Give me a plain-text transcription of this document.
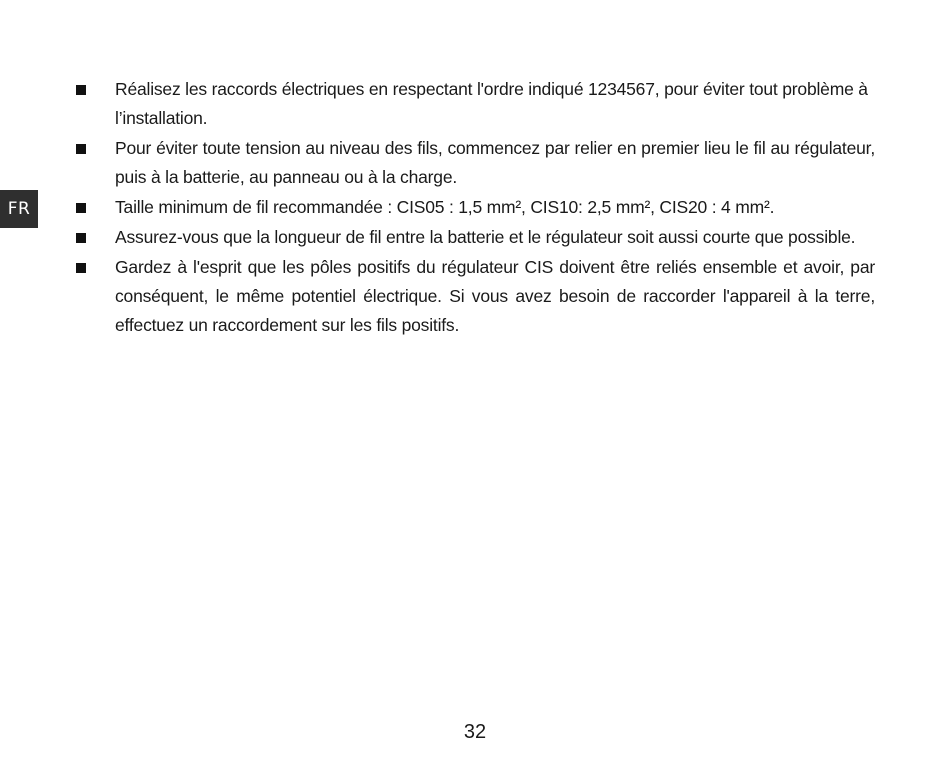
FR
Réalisez les raccords électriques en respectant l'ordre indiqué 1234567, pour éviter tout problème à l’installation.
Pour éviter toute tension au niveau des fils, commencez par relier en premier lieu le fil au régulateur, puis à la batterie, au panneau ou à la charge.
Taille minimum de fil recommandée : CIS05 : 1,5 mm², CIS10: 2,5 mm², CIS20 : 4 mm².
Assurez-vous que la longueur de fil entre la batterie et le régulateur soit aussi courte que possible.
Gardez à l'esprit que les pôles positifs du régulateur CIS doivent être reliés ensemble et avoir, par conséquent, le même potentiel électrique. Si vous avez besoin de raccorder l'appareil à la terre, effectuez un raccordement sur les fils positifs.
32
